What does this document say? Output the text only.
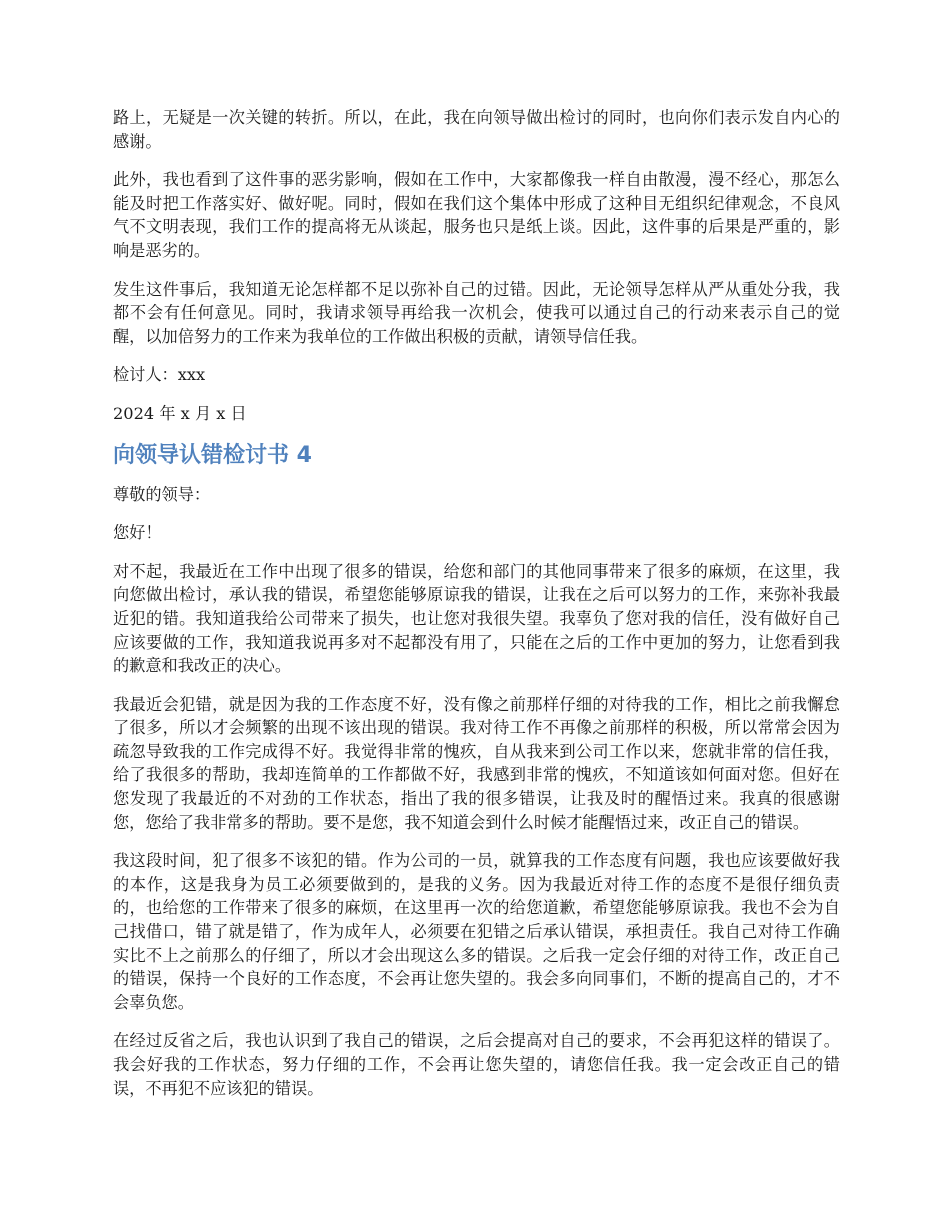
路上，无疑是一次关键的转折。所以，在此，我在向领导做出检讨的同时，也向你们表示发自内心的感谢。

此外，我也看到了这件事的恶劣影响，假如在工作中，大家都像我一样自由散漫，漫不经心，那怎么能及时把工作落实好、做好呢。同时，假如在我们这个集体中形成了这种目无组织纪律观念，不良风气不文明表现，我们工作的提高将无从谈起，服务也只是纸上谈。因此，这件事的后果是严重的，影响是恶劣的。

发生这件事后，我知道无论怎样都不足以弥补自己的过错。因此，无论领导怎样从严从重处分我，我都不会有任何意见。同时，我请求领导再给我一次机会，使我可以通过自己的行动来表示自己的觉醒，以加倍努力的工作来为我单位的工作做出积极的贡献，请领导信任我。

检讨人：xxx

2024 年 x 月 x 日

向领导认错检讨书 4

尊敬的领导：

您好！

对不起，我最近在工作中出现了很多的错误，给您和部门的其他同事带来了很多的麻烦，在这里，我向您做出检讨，承认我的错误，希望您能够原谅我的错误，让我在之后可以努力的工作，来弥补我最近犯的错。我知道我给公司带来了损失，也让您对我很失望。我辜负了您对我的信任，没有做好自己应该要做的工作，我知道我说再多对不起都没有用了，只能在之后的工作中更加的努力，让您看到我的歉意和我改正的决心。

我最近会犯错，就是因为我的工作态度不好，没有像之前那样仔细的对待我的工作，相比之前我懈怠了很多，所以才会频繁的出现不该出现的错误。我对待工作不再像之前那样的积极，所以常常会因为疏忽导致我的工作完成得不好。我觉得非常的愧疚，自从我来到公司工作以来，您就非常的信任我，给了我很多的帮助，我却连简单的工作都做不好，我感到非常的愧疚，不知道该如何面对您。但好在您发现了我最近的不对劲的工作状态，指出了我的很多错误，让我及时的醒悟过来。我真的很感谢您，您给了我非常多的帮助。要不是您，我不知道会到什么时候才能醒悟过来，改正自己的错误。

我这段时间，犯了很多不该犯的错。作为公司的一员，就算我的工作态度有问题，我也应该要做好我的本作，这是我身为员工必须要做到的，是我的义务。因为我最近对待工作的态度不是很仔细负责的，也给您的工作带来了很多的麻烦，在这里再一次的给您道歉，希望您能够原谅我。我也不会为自己找借口，错了就是错了，作为成年人，必须要在犯错之后承认错误，承担责任。我自己对待工作确实比不上之前那么的仔细了，所以才会出现这么多的错误。之后我一定会仔细的对待工作，改正自己的错误，保持一个良好的工作态度，不会再让您失望的。我会多向同事们，不断的提高自己的，才不会辜负您。

在经过反省之后，我也认识到了我自己的错误，之后会提高对自己的要求，不会再犯这样的错误了。我会好我的工作状态，努力仔细的工作，不会再让您失望的，请您信任我。我一定会改正自己的错误，不再犯不应该犯的错误。
